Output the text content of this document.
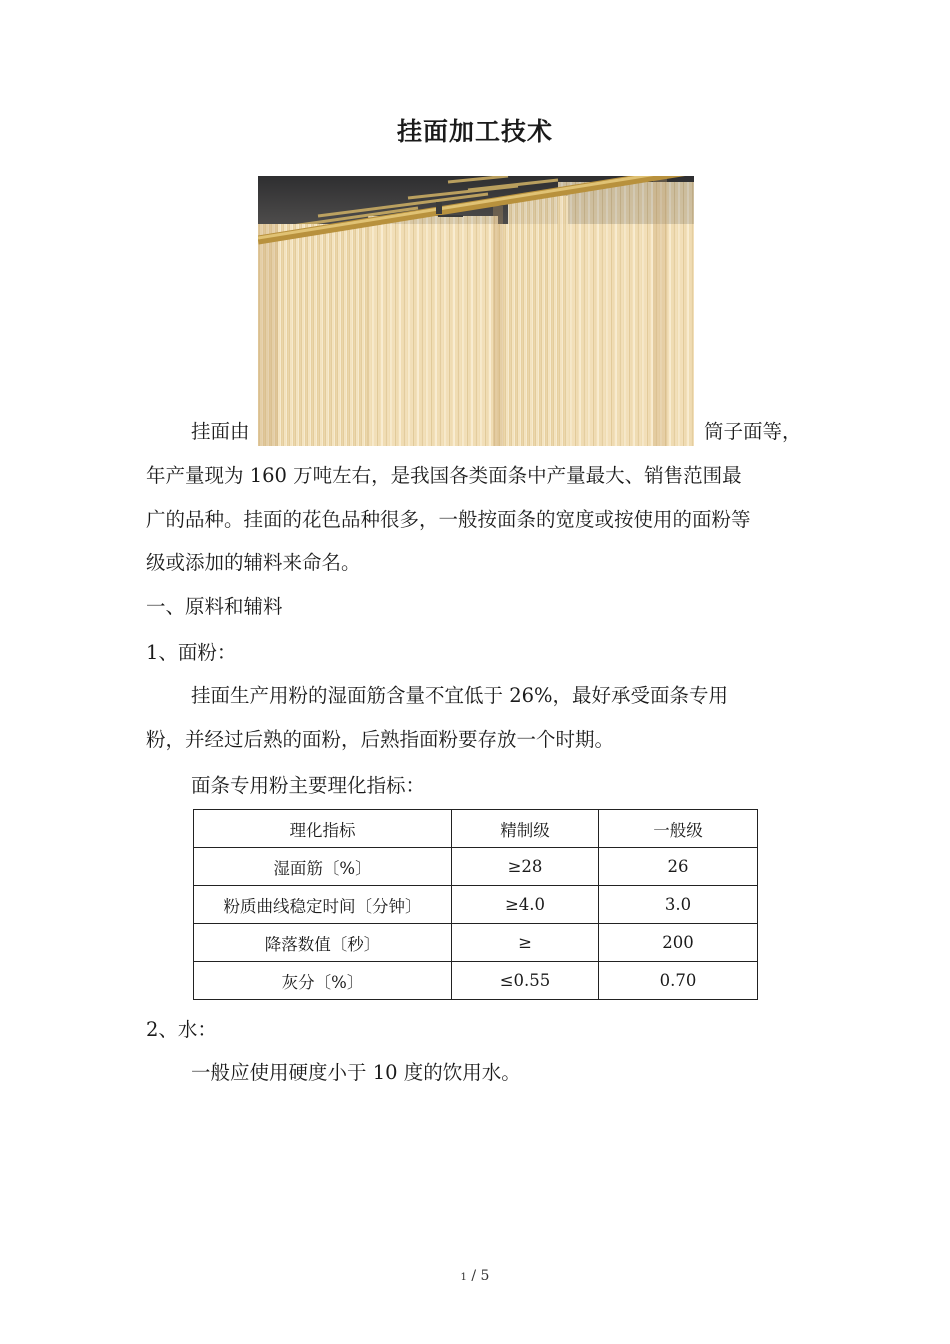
挂面加工技术
挂面由	筒子面等，
年产量现为 160 万吨左右，是我国各类面条中产量最大、销售范围最
广的品种。挂面的花色品种很多，一般按面条的宽度或按使用的面粉等
级或添加的辅料来命名。
一、原料和辅料
1、面粉：
挂面生产用粉的湿面筋含量不宜低于 26%，最好承受面条专用
粉，并经过后熟的面粉，后熟指面粉要存放一个时期。
面条专用粉主要理化指标：
理化指标	精制级	一般级
湿面筋〔%〕	≥28	26
粉质曲线稳定时间〔分钟〕	≥4.0	3.0
降落数值〔秒〕	≥	200
灰分〔%〕	≤0.55	0.70
2、水：
一般应使用硬度小于 10 度的饮用水。
1 / 5
